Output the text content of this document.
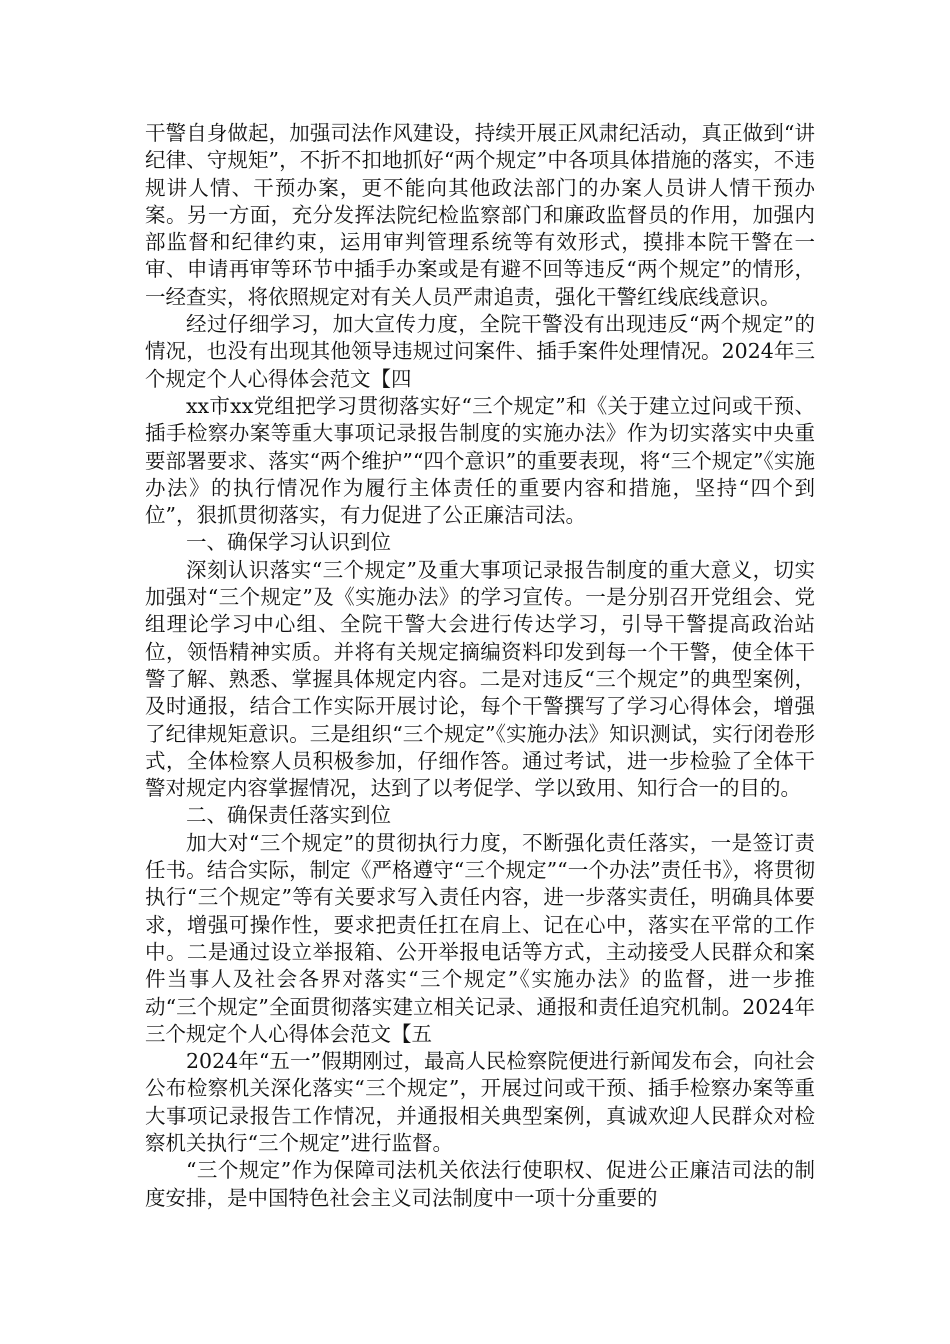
干警自身做起，加强司法作风建设，持续开展正风肃纪活动，真正做到“讲纪律、守规矩”，不折不扣地抓好“两个规定”中各项具体措施的落实，不违规讲人情、干预办案，更不能向其他政法部门的办案人员讲人情干预办案。另一方面，充分发挥法院纪检监察部门和廉政监督员的作用，加强内部监督和纪律约束，运用审判管理系统等有效形式，摸排本院干警在一审、申请再审等环节中插手办案或是有避不回等违反“两个规定”的情形，一经查实，将依照规定对有关人员严肃追责，强化干警红线底线意识。

经过仔细学习，加大宣传力度，全院干警没有出现违反“两个规定”的情况，也没有出现其他领导违规过问案件、插手案件处理情况。2024年三个规定个人心得体会范文【四

xx市xx党组把学习贯彻落实好“三个规定”和《关于建立过问或干预、插手检察办案等重大事项记录报告制度的实施办法》作为切实落实中央重要部署要求、落实“两个维护”“四个意识”的重要表现，将“三个规定”《实施办法》的执行情况作为履行主体责任的重要内容和措施，坚持“四个到位”，狠抓贯彻落实，有力促进了公正廉洁司法。

一、确保学习认识到位

深刻认识落实“三个规定”及重大事项记录报告制度的重大意义，切实加强对“三个规定”及《实施办法》的学习宣传。一是分别召开党组会、党组理论学习中心组、全院干警大会进行传达学习，引导干警提高政治站位，领悟精神实质。并将有关规定摘编资料印发到每一个干警，使全体干警了解、熟悉、掌握具体规定内容。二是对违反“三个规定”的典型案例，及时通报，结合工作实际开展讨论，每个干警撰写了学习心得体会，增强了纪律规矩意识。三是组织“三个规定”《实施办法》知识测试，实行闭卷形式，全体检察人员积极参加，仔细作答。通过考试，进一步检验了全体干警对规定内容掌握情况，达到了以考促学、学以致用、知行合一的目的。

二、确保责任落实到位

加大对“三个规定”的贯彻执行力度，不断强化责任落实，一是签订责任书。结合实际，制定《严格遵守“三个规定”“一个办法”责任书》，将贯彻执行“三个规定”等有关要求写入责任内容，进一步落实责任，明确具体要求，增强可操作性，要求把责任扛在肩上、记在心中，落实在平常的工作中。二是通过设立举报箱、公开举报电话等方式，主动接受人民群众和案件当事人及社会各界对落实“三个规定”《实施办法》的监督，进一步推动“三个规定”全面贯彻落实建立相关记录、通报和责任追究机制。2024年三个规定个人心得体会范文【五

2024年“五一”假期刚过，最高人民检察院便进行新闻发布会，向社会公布检察机关深化落实“三个规定”，开展过问或干预、插手检察办案等重大事项记录报告工作情况，并通报相关典型案例，真诚欢迎人民群众对检察机关执行“三个规定”进行监督。

“三个规定”作为保障司法机关依法行使职权、促进公正廉洁司法的制度安排，是中国特色社会主义司法制度中一项十分重要的
